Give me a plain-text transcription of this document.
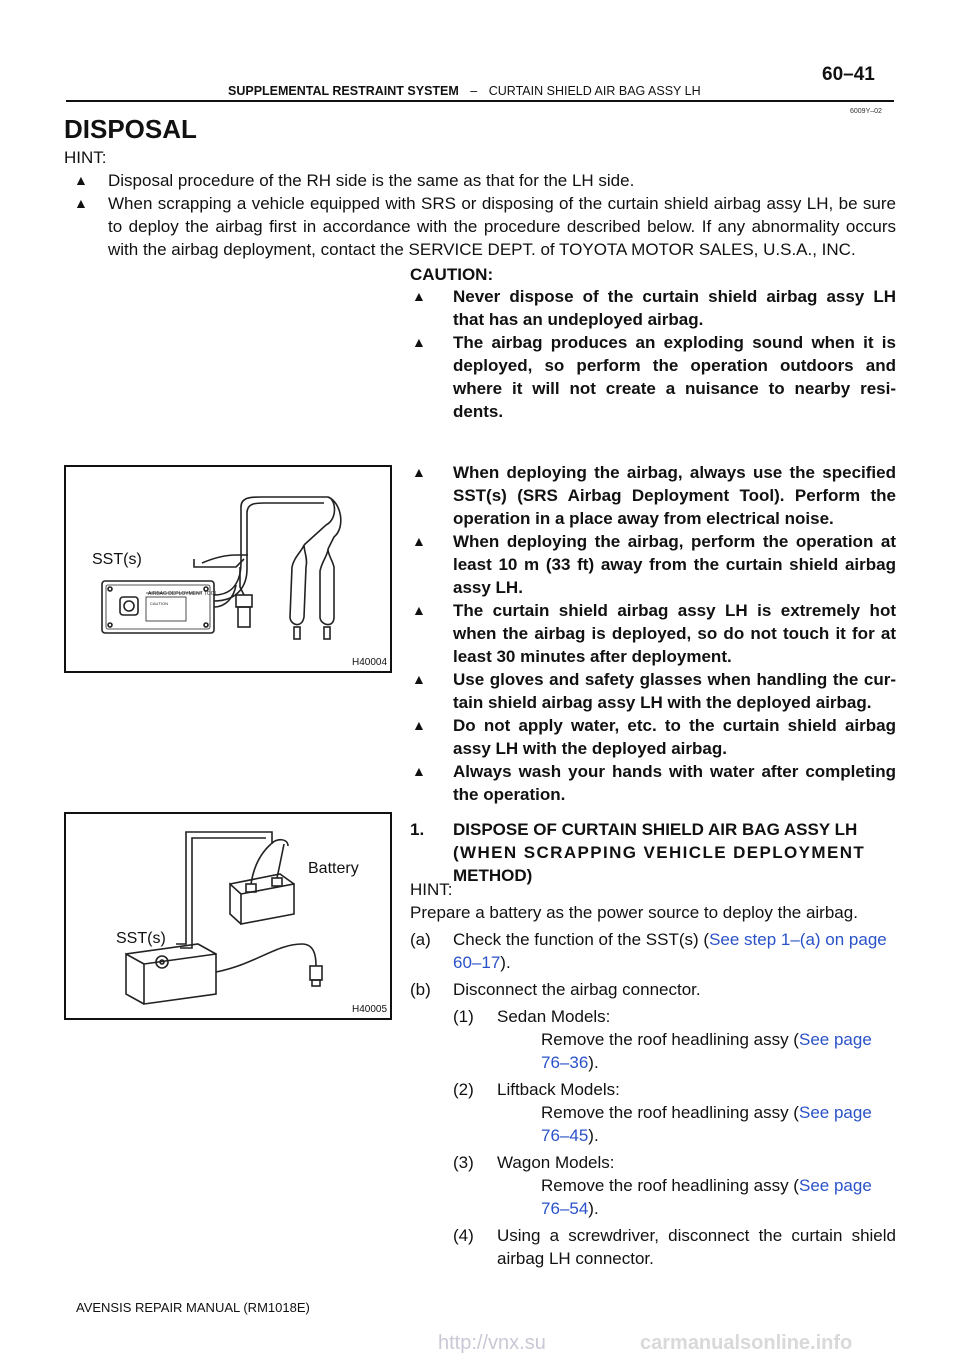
60–41
SUPPLEMENTAL RESTRAINT SYSTEM – CURTAIN SHIELD AIR BAG ASSY LH
6009Y–02
DISPOSAL
HINT:
▲ Disposal procedure of the RH side is the same as that for the LH side.
▲ When scrapping a vehicle equipped with SRS or disposing of the curtain shield airbag assy LH, be sure to deploy the airbag first in accordance with the procedure described below. If any abnormality occurs with the airbag deployment, contact the SERVICE DEPT. of TOYOTA MOTOR SALES, U.S.A., INC.
CAUTION:
▲ Never dispose of the curtain shield airbag assy LH that has an undeployed airbag.
▲ The airbag produces an exploding sound when it is deployed, so perform the operation outdoors and where it will not create a nuisance to nearby resi-dents.
▲ When deploying the airbag, always use the specified SST(s) (SRS Airbag Deployment Tool). Perform the operation in a place away from electrical noise.
▲ When deploying the airbag, perform the operation at least 10 m (33 ft) away from the curtain shield airbag assy LH.
▲ The curtain shield airbag assy LH is extremely hot when the airbag is deployed, so do not touch it for at least 30 minutes after deployment.
▲ Use gloves and safety glasses when handling the cur-tain shield airbag assy LH with the deployed airbag.
▲ Do not apply water, etc. to the curtain shield airbag assy LH with the deployed airbag.
▲ Always wash your hands with water after completing the operation.
1. DISPOSE OF CURTAIN SHIELD AIR BAG ASSY LH
(WHEN SCRAPPING VEHICLE DEPLOYMENT
METHOD)
HINT:
Prepare a battery as the power source to deploy the airbag.
(a)	Check the function of the SST(s) (See step 1–(a) on page 60–17).
(b)	Disconnect the airbag connector.
(1) Sedan Models:
Remove the roof headlining assy (See page 76–36).
(2) Liftback Models:
Remove the roof headlining assy (See page 76–45).
(3) Wagon Models:
Remove the roof headlining assy (See page 76–54).
(4) Using a screwdriver, disconnect the curtain shield airbag LH connector.
AIRBAG DEPLOYMENT TOOL
CAUTION
SST(s)
H40004
Battery
SST(s)
H40005
AVENSIS REPAIR MANUAL (RM1018E)
http://vnx.su	carmanualsonline.info
